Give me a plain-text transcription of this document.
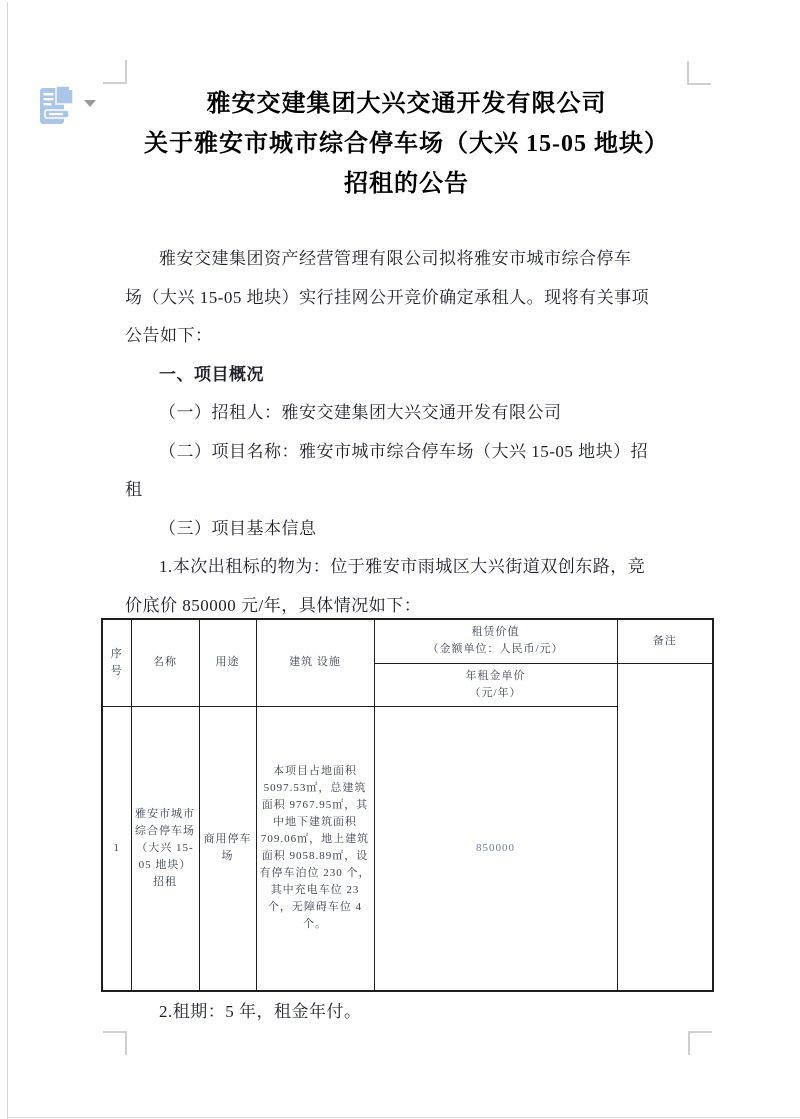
雅安交建集团大兴交通开发有限公司
关于雅安市城市综合停车场（大兴 15-05 地块）
招租的公告
雅安交建集团资产经营管理有限公司拟将雅安市城市综合停车
场（大兴 15-05 地块）实行挂网公开竞价确定承租人。现将有关事项
公告如下：
一、项目概况
（一）招租人：雅安交建集团大兴交通开发有限公司
（二）项目名称：雅安市城市综合停车场（大兴 15-05 地块）招
租
（三）项目基本信息
1.本次出租标的物为：位于雅安市雨城区大兴街道双创东路，竞
价底价 850000 元/年，具体情况如下：
序号	名称	用途	建筑 设施	租赁价值
（金额单位：人民币/元）	备注

				年租金单价
（元/年）	

1	雅安市城市综合停车场（大兴 15-05 地块）招租	商用停车场	本项目占地面积 5097.53㎡，总建筑面积 9767.95㎡，其中地下建筑面积 709.06㎡，地上建筑面积 9058.89㎡，设有停车泊位 230 个，其中充电车位 23 个，无障碍车位 4 个。	850000	
2.租期：5 年，租金年付。
